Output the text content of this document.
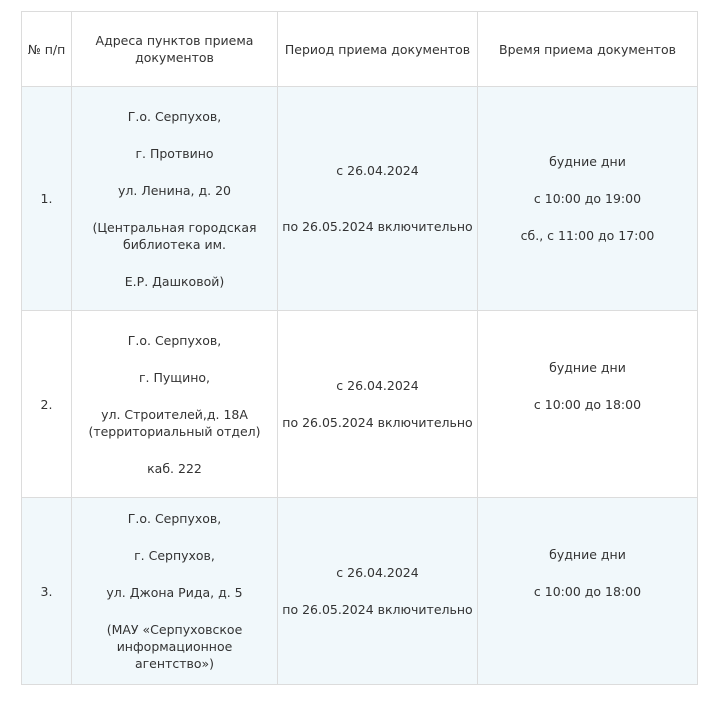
№ п/п	Адреса пунктов приема документов	Период приема документов	Время приема документов
1.	Г.о. Серпухов,
г. Протвино
ул. Ленина, д. 20
(Центральная городская библиотека им.
Е.Р. Дашковой)	с 26.04.2024
по 26.05.2024 включительно	будние дни
с 10:00 до 19:00
сб., с 11:00 до 17:00

2.	Г.о. Серпухов,
г. Пущино,
ул. Строителей,д. 18А (территориальный отдел)
каб. 222	с 26.04.2024
по 26.05.2024 включительно	будние дни
с 10:00 до 18:00

3.	Г.о. Серпухов,
г. Серпухов,
ул. Джона Рида, д. 5
(МАУ «Серпуховское информационное агентство»)	с 26.04.2024
по 26.05.2024 включительно	будние дни
с 10:00 до 18:00
